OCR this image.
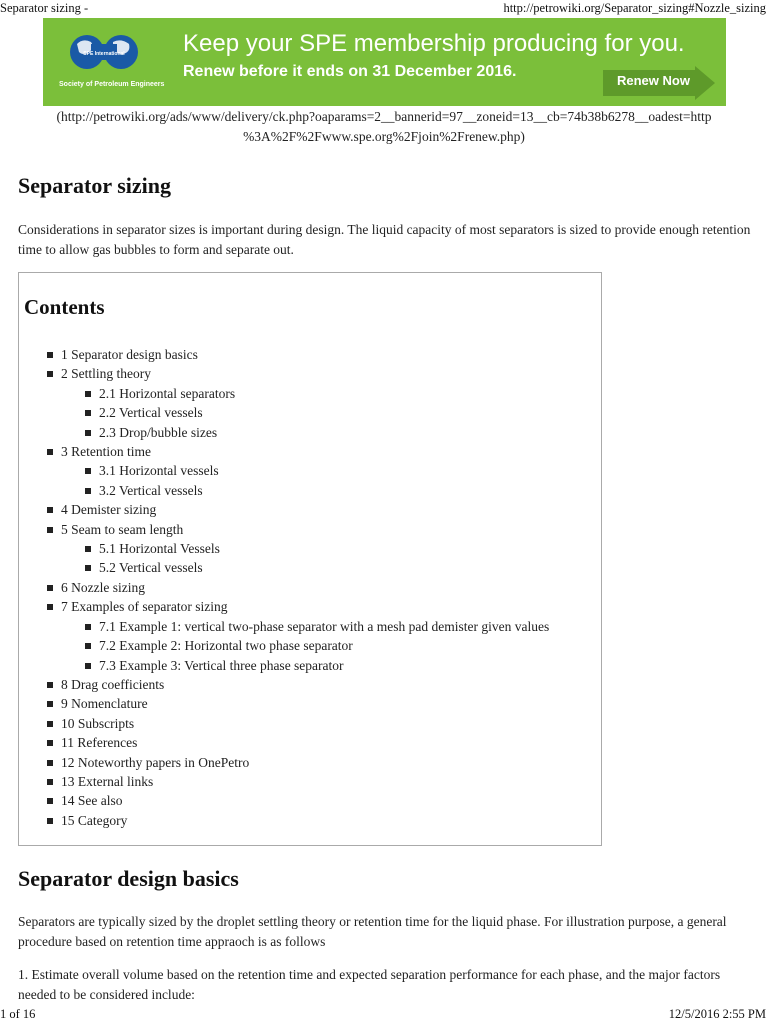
Separator sizing -	http://petrowiki.org/Separator_sizing#Nozzle_sizing
SPE International
Society of Petroleum Engineers
Keep your SPE membership producing for you.
Renew before it ends on 31 December 2016.
Renew Now
(http://petrowiki.org/ads/www/delivery/ck.php?oaparams=2__bannerid=97__zoneid=13__cb=74b38b6278__oadest=http
%3A%2F%2Fwww.spe.org%2Fjoin%2Frenew.php)
Separator sizing

Considerations in separator sizes is important during design. The liquid capacity of most separators is sized to provide enough retention time to allow gas bubbles to form and separate out.

Contents
1 Separator design basics
2 Settling theory
2.1 Horizontal separators
2.2 Vertical vessels
2.3 Drop/bubble sizes
3 Retention time
3.1 Horizontal vessels
3.2 Vertical vessels
4 Demister sizing
5 Seam to seam length
5.1 Horizontal Vessels
5.2 Vertical vessels
6 Nozzle sizing
7 Examples of separator sizing
7.1 Example 1: vertical two-phase separator with a mesh pad demister given values
7.2 Example 2: Horizontal two phase separator
7.3 Example 3: Vertical three phase separator
8 Drag coefficients
9 Nomenclature
10 Subscripts
11 References
12 Noteworthy papers in OnePetro
13 External links
14 See also
15 Category
Separator design basics

Separators are typically sized by the droplet settling theory or retention time for the liquid phase. For illustration purpose, a general procedure based on retention time appraoch is as follows

1. Estimate overall volume based on the retention time and expected separation performance for each phase, and the major factors needed to be considered include:

1 of 16	12/5/2016 2:55 PM
